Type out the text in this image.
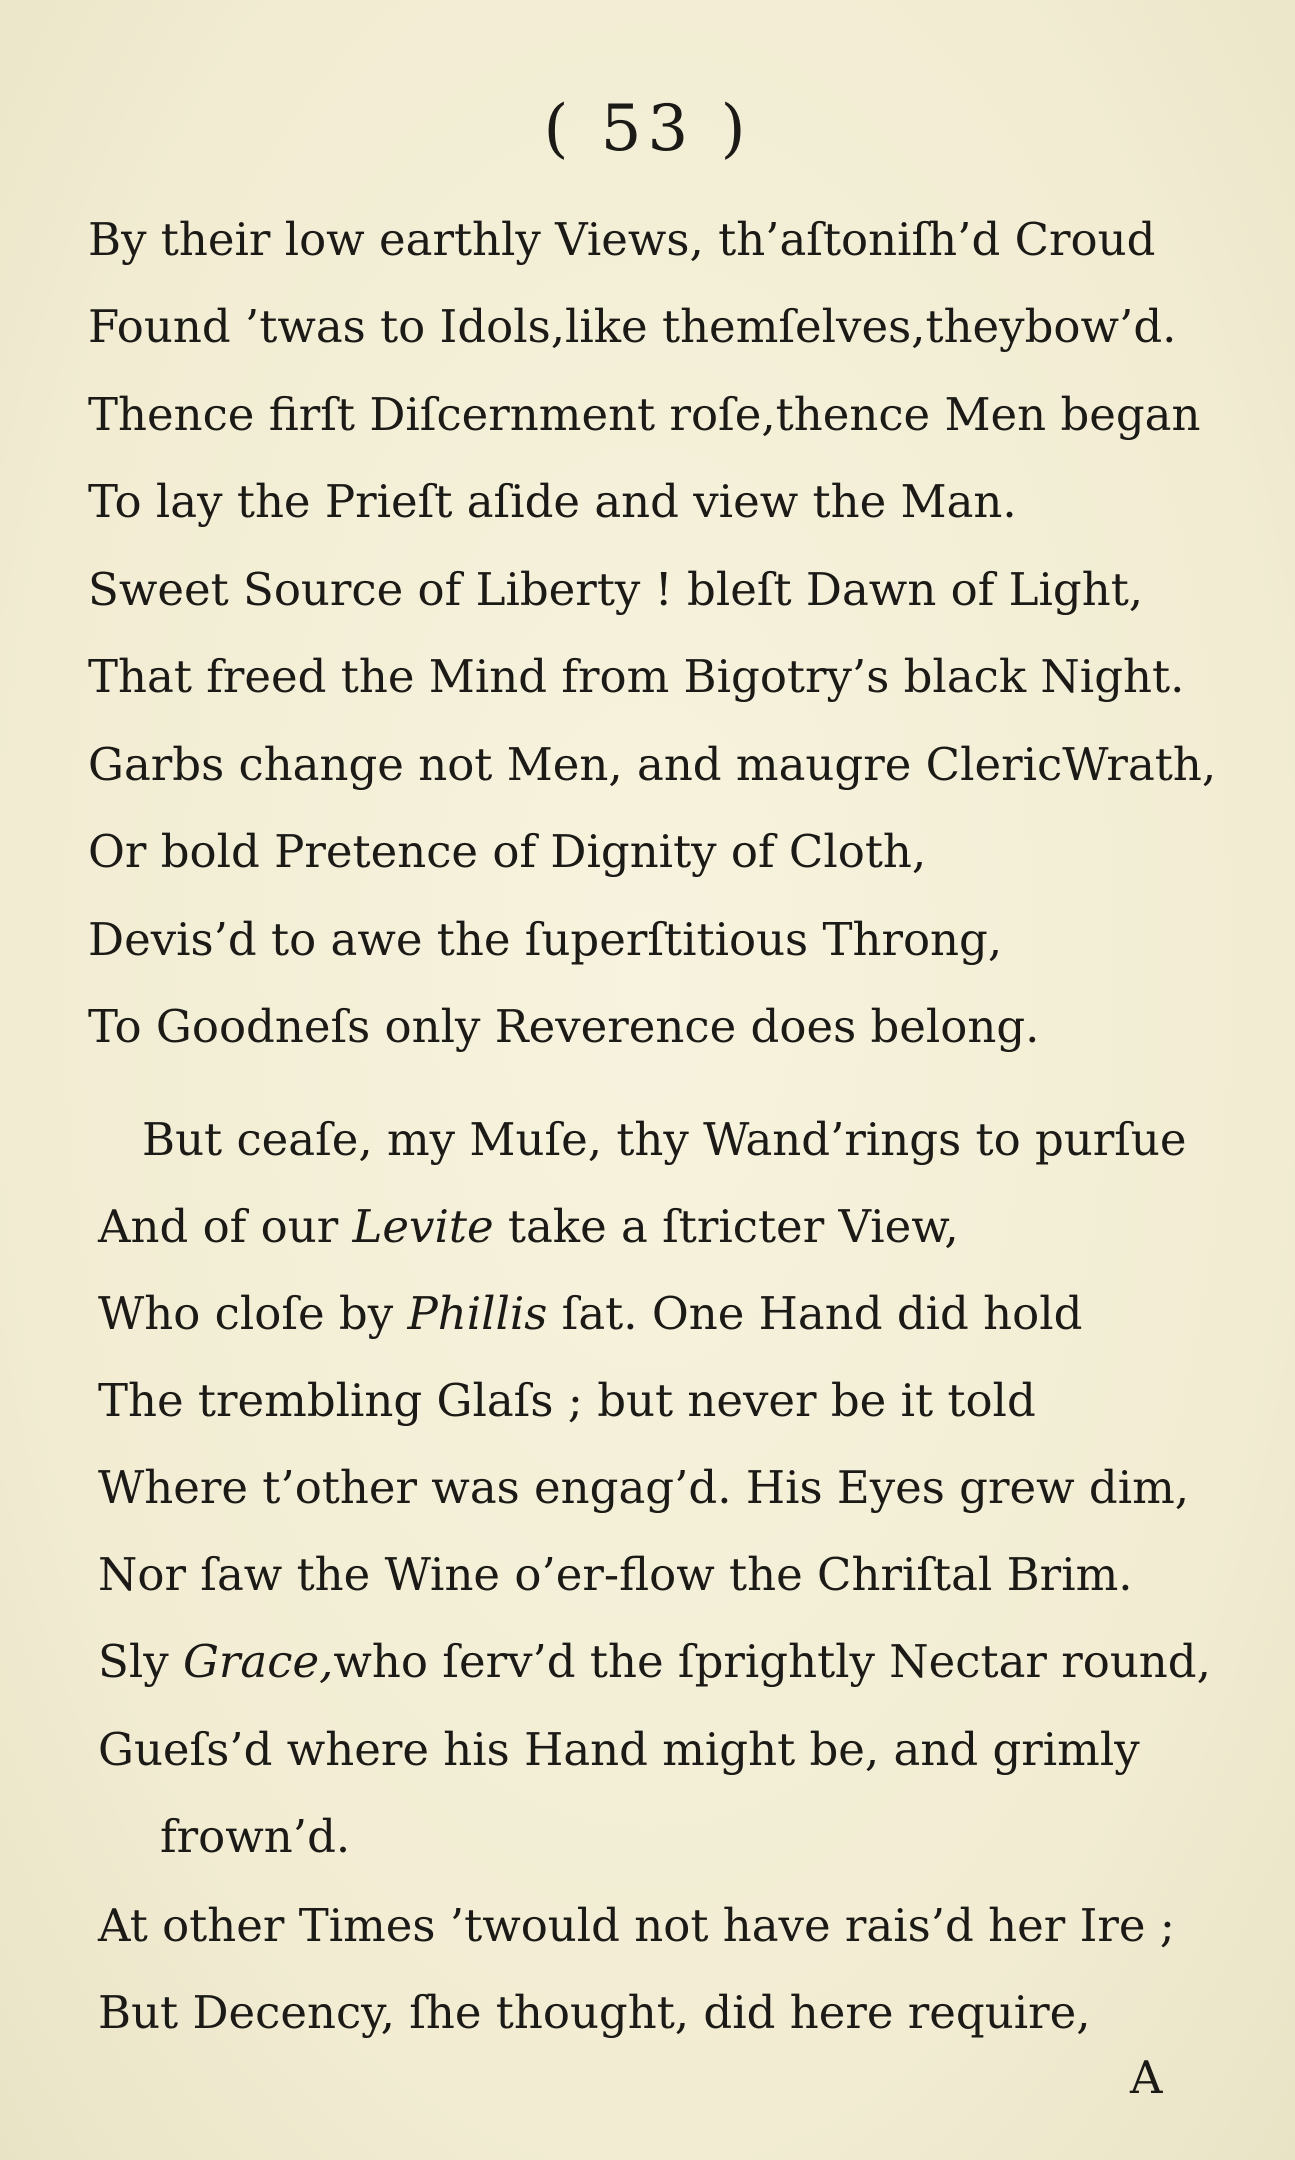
( 53 )

By their low earthly Views, th’aſtoniſh’d Croud

Found ’twas to Idols,like themſelves,theybow’d.

Thence firſt Diſcernment roſe,thence Men began

To lay the Prieſt aſide and view the Man.

Sweet Source of Liberty ! bleſt Dawn of Light,

That freed the Mind from Bigotry’s black Night.

Garbs change not Men, and maugre ClericWrath,

Or bold Pretence of Dignity of Cloth,

Devis’d to awe the ſuperſtitious Throng,

To Goodneſs only Reverence does belong.

But ceaſe, my Muſe, thy Wand’rings to purſue

And of our Levite take a ſtricter View,

Who cloſe by Phillis ſat. One Hand did hold

The trembling Glaſs ; but never be it told

Where t’other was engag’d. His Eyes grew dim,

Nor ſaw the Wine o’er-flow the Chriſtal Brim.

Sly Grace,who ſerv’d the ſprightly Nectar round,

Gueſs’d where his Hand might be, and grimly

frown’d.

At other Times ’twould not have rais’d her Ire ;

But Decency, ſhe thought, did here require,

A
